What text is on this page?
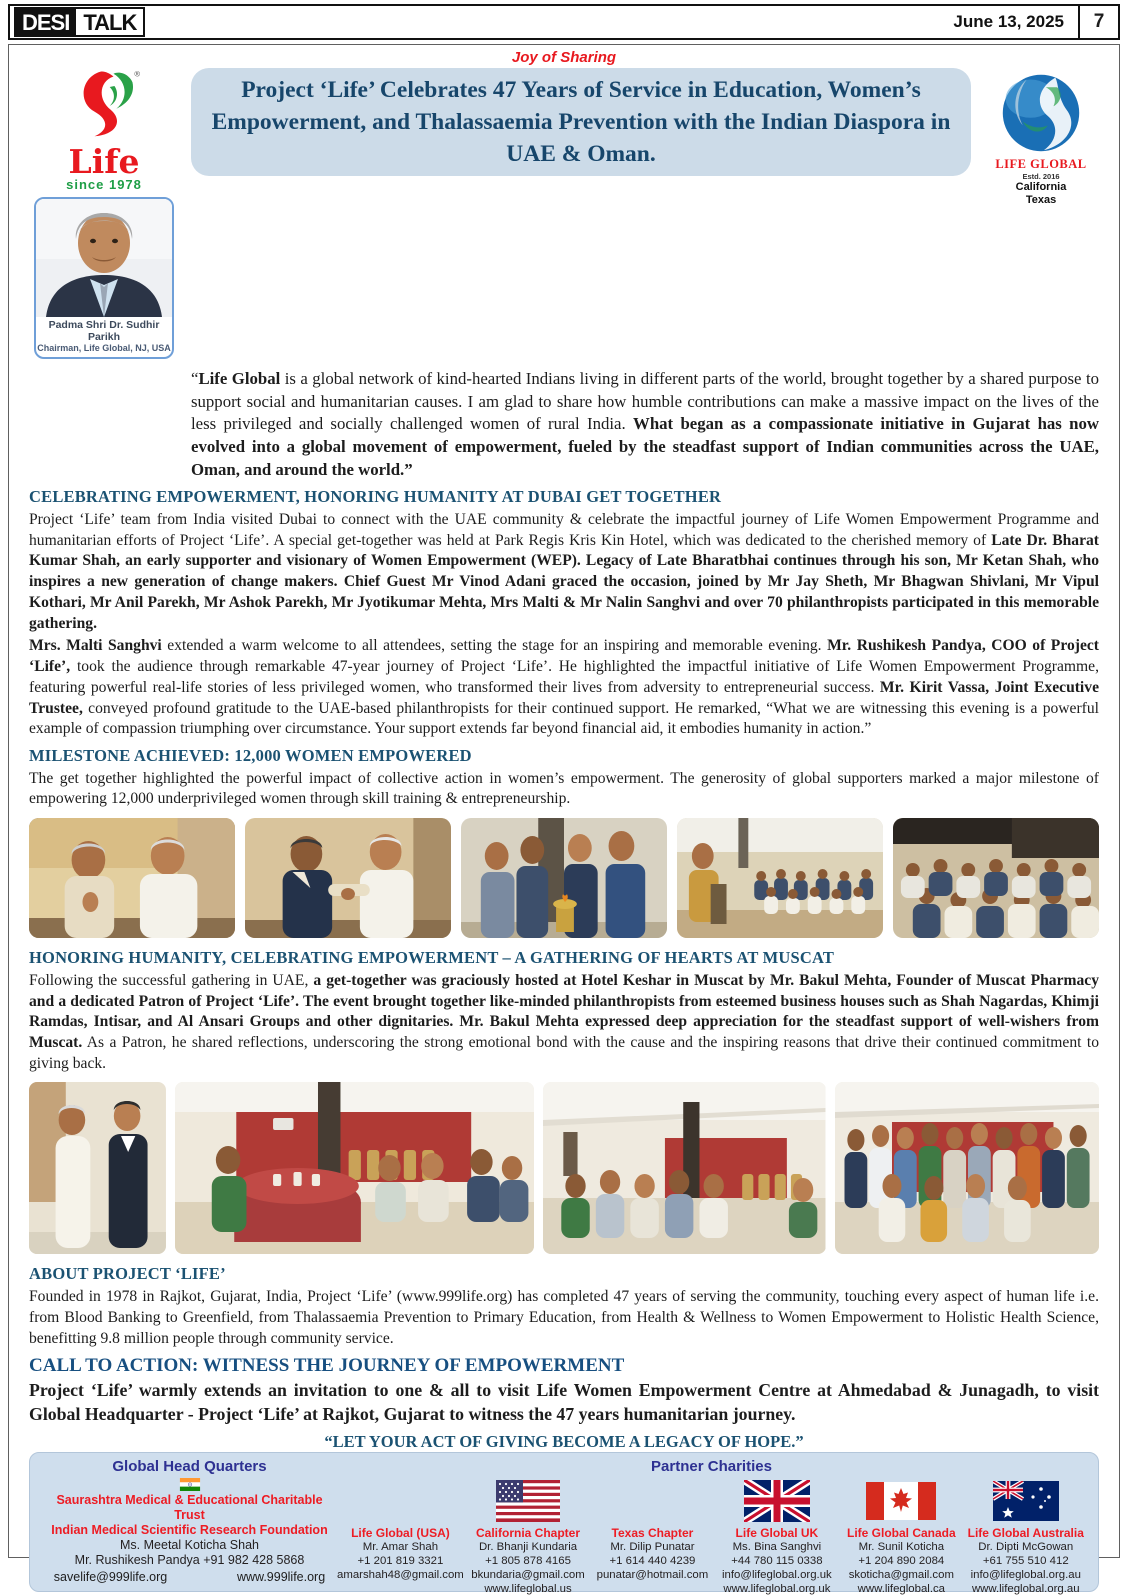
DESI TALK	June 13, 2025	7
Joy of Sharing
®
Life
since 1978
Padma Shri Dr. Sudhir Parikh
Chairman, Life Global, NJ, USA
Project ‘Life’ Celebrates 47 Years of Service in Education, Women’s Empowerment, and Thalassaemia Prevention with the Indian Diaspora in UAE & Oman.	LIFE GLOBAL
Estd. 2016
California
Texas

“Life Global is a global network of kind-hearted Indians living in different parts of the world, brought together by a shared purpose to support social and humanitarian causes. I am glad to share how humble contributions can make a massive impact on the lives of the less privileged and socially challenged women of rural India. What began as a compassionate initiative in Gujarat has now evolved into a global movement of empowerment, fueled by the steadfast support of Indian communities across the UAE, Oman, and around the world.”

CELEBRATING EMPOWERMENT, HONORING HUMANITY AT DUBAI GET TOGETHER

Project ‘Life’ team from India visited Dubai to connect with the UAE community & celebrate the impactful journey of Life Women Empowerment Programme and humanitarian efforts of Project ‘Life’. A special get-together was held at Park Regis Kris Kin Hotel, which was dedicated to the cherished memory of Late Dr. Bharat Kumar Shah, an early supporter and visionary of Women Empowerment (WEP). Legacy of Late Bharatbhai continues through his son, Mr Ketan Shah, who inspires a new generation of change makers. Chief Guest Mr Vinod Adani graced the occasion, joined by Mr Jay Sheth, Mr Bhagwan Shivlani, Mr Vipul Kothari, Mr Anil Parekh, Mr Ashok Parekh, Mr Jyotikumar Mehta, Mrs Malti & Mr Nalin Sanghvi and over 70 philanthropists participated in this memorable gathering.

Mrs. Malti Sanghvi extended a warm welcome to all attendees, setting the stage for an inspiring and memorable evening. Mr. Rushikesh Pandya, COO of Project ‘Life’, took the audience through remarkable 47-year journey of Project ‘Life’. He highlighted the impactful initiative of Life Women Empowerment Programme, featuring powerful real-life stories of less privileged women, who transformed their lives from adversity to entrepreneurial success. Mr. Kirit Vassa, Joint Executive Trustee, conveyed profound gratitude to the UAE-based philanthropists for their continued support. He remarked, “What we are witnessing this evening is a powerful example of compassion triumphing over circumstance. Your support extends far beyond financial aid, it embodies humanity in action.”

MILESTONE ACHIEVED: 12,000 WOMEN EMPOWERED

The get together highlighted the powerful impact of collective action in women’s empowerment. The generosity of global supporters marked a major milestone of empowering 12,000 underprivileged women through skill training & entrepreneurship.

HONORING HUMANITY, CELEBRATING EMPOWERMENT – A GATHERING OF HEARTS AT MUSCAT

Following the successful gathering in UAE, a get-together was graciously hosted at Hotel Keshar in Muscat by Mr. Bakul Mehta, Founder of Muscat Pharmacy and a dedicated Patron of Project ‘Life’. The event brought together like-minded philanthropists from esteemed business houses such as Shah Nagardas, Khimji Ramdas, Intisar, and Al Ansari Groups and other dignitaries. Mr. Bakul Mehta expressed deep appreciation for the steadfast support of well-wishers from Muscat. As a Patron, he shared reflections, underscoring the strong emotional bond with the cause and the inspiring reasons that drive their continued commitment to giving back.

ABOUT PROJECT ‘LIFE’

Founded in 1978 in Rajkot, Gujarat, India, Project ‘Life’ (www.999life.org) has completed 47 years of serving the community, touching every aspect of human life i.e. from Blood Banking to Greenfield, from Thalassaemia Prevention to Primary Education, from Health & Wellness to Women Empowerment to Holistic Health Science, benefitting 9.8 million people through community service.

CALL TO ACTION: WITNESS THE JOURNEY OF EMPOWERMENT

Project ‘Life’ warmly extends an invitation to one & all to visit Life Women Empowerment Centre at Ahmedabad & Junagadh, to visit Global Headquarter - Project ‘Life’ at Rajkot, Gujarat to witness the 47 years humanitarian journey.

“LET YOUR ACT OF GIVING BECOME A LEGACY OF HOPE.”
Global Head Quarters
Saurashtra Medical & Educational Charitable Trust
Indian Medical Scientific Research Foundation
Ms. Meetal Koticha Shah
Mr. Rushikesh Pandya +91 982 428 5868
savelife@999life.org	www.999life.org
Partner Charities
Life Global (USA)
Mr. Amar Shah
+1 201 819 3321
amarshah48@gmail.com
California Chapter
Dr. Bhanji Kundaria
+1 805 878 4165
bkundaria@gmail.com
www.lifeglobal.us
Texas Chapter
Mr. Dilip Punatar
+1 614 440 4239
punatar@hotmail.com
Life Global UK
Ms. Bina Sanghvi
+44 780 115 0338
info@lifeglobal.org.uk
www.lifeglobal.org.uk
Life Global Canada
Mr. Sunil Koticha
+1 204 890 2084
skoticha@gmail.com
www.lifeglobal.ca
Life Global Australia
Dr. Dipti McGowan
+61 755 510 412
info@lifeglobal.org.au
www.lifeglobal.org.au
